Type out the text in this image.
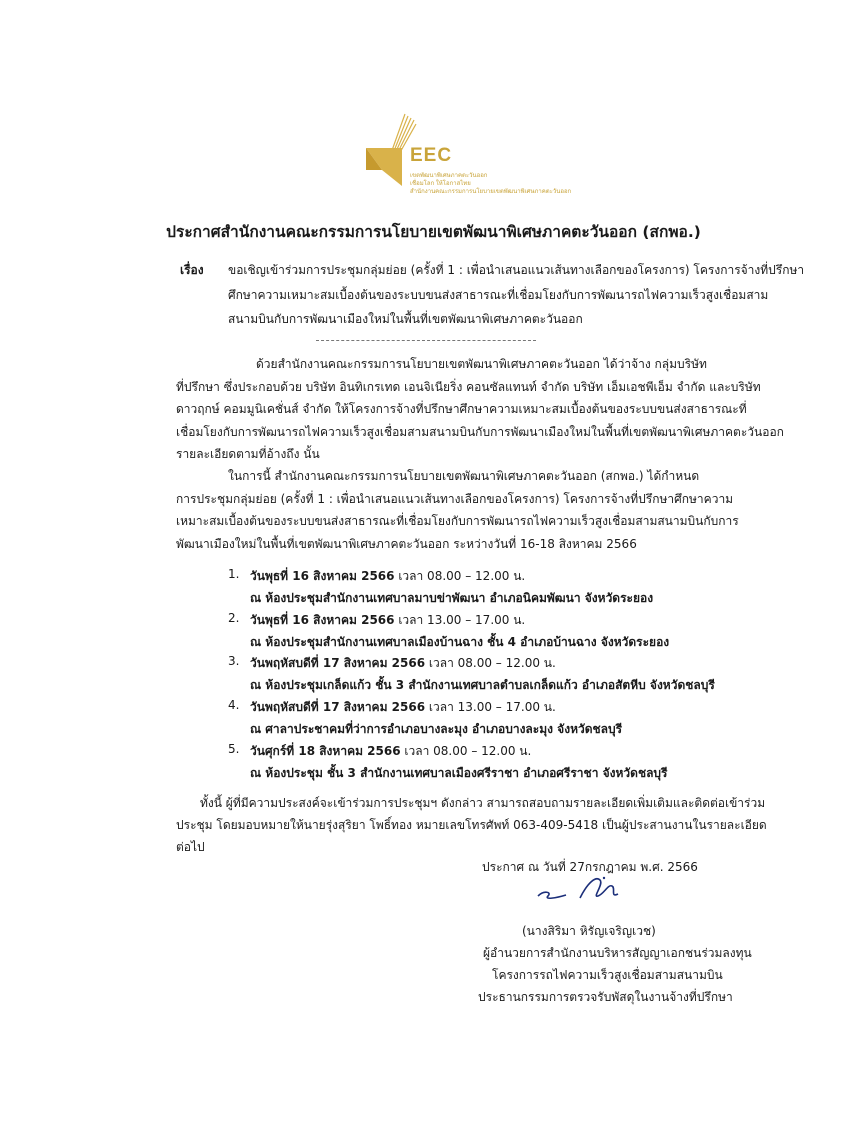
EEC
เขตพัฒนาพิเศษภาคตะวันออก
เชื่อมโลก ให้โอกาสไทย
สำนักงานคณะกรรมการนโยบายเขตพัฒนาพิเศษภาคตะวันออก
ประกาศสำนักงานคณะกรรมการนโยบายเขตพัฒนาพิเศษภาคตะวันออก (สกพอ.)
เรื่อง ขอเชิญเข้าร่วมการประชุมกลุ่มย่อย (ครั้งที่ 1 : เพื่อนำเสนอแนวเส้นทางเลือกของโครงการ) โครงการจ้างที่ปรึกษา
ศึกษาความเหมาะสมเบื้องต้นของระบบขนส่งสาธารณะที่เชื่อมโยงกับการพัฒนารถไฟความเร็วสูงเชื่อมสาม
สนามบินกับการพัฒนาเมืองใหม่ในพื้นที่เขตพัฒนาพิเศษภาคตะวันออก
ด้วยสำนักงานคณะกรรมการนโยบายเขตพัฒนาพิเศษภาคตะวันออก ได้ว่าจ้าง กลุ่มบริษัท
ที่ปรึกษา ซึ่งประกอบด้วย บริษัท อินทิเกรเทด เอนจิเนียริ่ง คอนซัลแทนท์ จำกัด บริษัท เอ็มเอชพีเอ็ม จำกัด และบริษัท
ดาวฤกษ์ คอมมูนิเคชั่นส์ จำกัด ให้โครงการจ้างที่ปรึกษาศึกษาความเหมาะสมเบื้องต้นของระบบขนส่งสาธารณะที่
เชื่อมโยงกับการพัฒนารถไฟความเร็วสูงเชื่อมสามสนามบินกับการพัฒนาเมืองใหม่ในพื้นที่เขตพัฒนาพิเศษภาคตะวันออก
รายละเอียดตามที่อ้างถึง นั้น
ในการนี้ สำนักงานคณะกรรมการนโยบายเขตพัฒนาพิเศษภาคตะวันออก (สกพอ.) ได้กำหนด
การประชุมกลุ่มย่อย (ครั้งที่ 1 : เพื่อนำเสนอแนวเส้นทางเลือกของโครงการ) โครงการจ้างที่ปรึกษาศึกษาความ
เหมาะสมเบื้องต้นของระบบขนส่งสาธารณะที่เชื่อมโยงกับการพัฒนารถไฟความเร็วสูงเชื่อมสามสนามบินกับการ
พัฒนาเมืองใหม่ในพื้นที่เขตพัฒนาพิเศษภาคตะวันออก ระหว่างวันที่ 16-18 สิงหาคม 2566
1. วันพุธที่ 16 สิงหาคม 2566 เวลา 08.00 – 12.00 น.
ณ ห้องประชุมสำนักงานเทศบาลมาบข่าพัฒนา อำเภอนิคมพัฒนา จังหวัดระยอง
2. วันพุธที่ 16 สิงหาคม 2566 เวลา 13.00 – 17.00 น.
ณ ห้องประชุมสำนักงานเทศบาลเมืองบ้านฉาง ชั้น 4 อำเภอบ้านฉาง จังหวัดระยอง
3. วันพฤหัสบดีที่ 17 สิงหาคม 2566 เวลา 08.00 – 12.00 น.
ณ ห้องประชุมเกล็ดแก้ว ชั้น 3 สำนักงานเทศบาลตำบลเกล็ดแก้ว อำเภอสัตหีบ จังหวัดชลบุรี
4. วันพฤหัสบดีที่ 17 สิงหาคม 2566 เวลา 13.00 – 17.00 น.
ณ ศาลาประชาคมที่ว่าการอำเภอบางละมุง อำเภอบางละมุง จังหวัดชลบุรี
5. วันศุกร์ที่ 18 สิงหาคม 2566 เวลา 08.00 – 12.00 น.
ณ ห้องประชุม ชั้น 3 สำนักงานเทศบาลเมืองศรีราชา อำเภอศรีราชา จังหวัดชลบุรี
ทั้งนี้ ผู้ที่มีความประสงค์จะเข้าร่วมการประชุมฯ ดังกล่าว สามารถสอบถามรายละเอียดเพิ่มเติมและติดต่อเข้าร่วม
ประชุม โดยมอบหมายให้นายรุ่งสุริยา โพธิ์ทอง หมายเลขโทรศัพท์ 063-409-5418 เป็นผู้ประสานงานในรายละเอียด
ต่อไป
ประกาศ ณ วันที่ 27กรกฎาคม พ.ศ. 2566
(นางสิริมา หิรัญเจริญเวช)
ผู้อำนวยการสำนักงานบริหารสัญญาเอกชนร่วมลงทุน
โครงการรถไฟความเร็วสูงเชื่อมสามสนามบิน
ประธานกรรมการตรวจรับพัสดุในงานจ้างที่ปรึกษา
